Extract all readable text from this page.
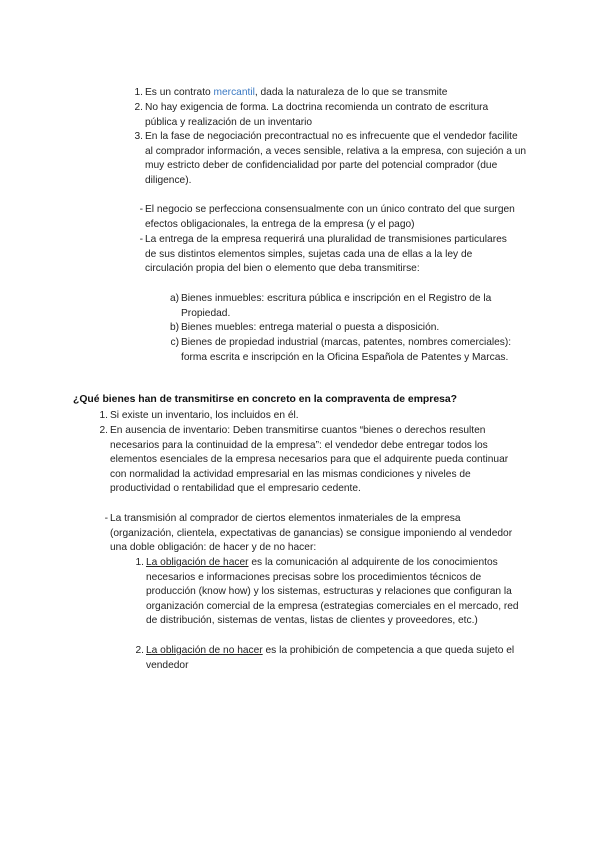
1. Es un contrato mercantil, dada la naturaleza de lo que se transmite
2. No hay exigencia de forma. La doctrina recomienda un contrato de escritura pública y realización de un inventario
3. En la fase de negociación precontractual no es infrecuente que el vendedor facilite al comprador información, a veces sensible, relativa a la empresa, con sujeción a un muy estricto deber de confidencialidad por parte del potencial comprador (due diligence).
- El negocio se perfecciona consensualmente con un único contrato del que surgen efectos obligacionales, la entrega de la empresa (y el pago)
- La entrega de la empresa requerirá una pluralidad de transmisiones particulares de sus distintos elementos simples, sujetas cada una de ellas a la ley de circulación propia del bien o elemento que deba transmitirse:
a) Bienes inmuebles: escritura pública e inscripción en el Registro de la Propiedad.
b) Bienes muebles: entrega material o puesta a disposición.
c) Bienes de propiedad industrial (marcas, patentes, nombres comerciales): forma escrita e inscripción en la Oficina Española de Patentes y Marcas.
¿Qué bienes han de transmitirse en concreto en la compraventa de empresa?
1. Si existe un inventario, los incluidos en él.
2. En ausencia de inventario: Deben transmitirse cuantos “bienes o derechos resulten necesarios para la continuidad de la empresa”: el vendedor debe entregar todos los elementos esenciales de la empresa necesarios para que el adquirente pueda continuar con normalidad la actividad empresarial en las mismas condiciones y niveles de productividad o rentabilidad que el empresario cedente.
- La transmisión al comprador de ciertos elementos inmateriales de la empresa (organización, clientela, expectativas de ganancias) se consigue imponiendo al vendedor una doble obligación: de hacer y de no hacer:
1. La obligación de hacer es la comunicación al adquirente de los conocimientos necesarios e informaciones precisas sobre los procedimientos técnicos de producción (know how) y los sistemas, estructuras y relaciones que configuran la organización comercial de la empresa (estrategias comerciales en el mercado, red de distribución, sistemas de ventas, listas de clientes y proveedores, etc.)
2. La obligación de no hacer es la prohibición de competencia a que queda sujeto el vendedor
